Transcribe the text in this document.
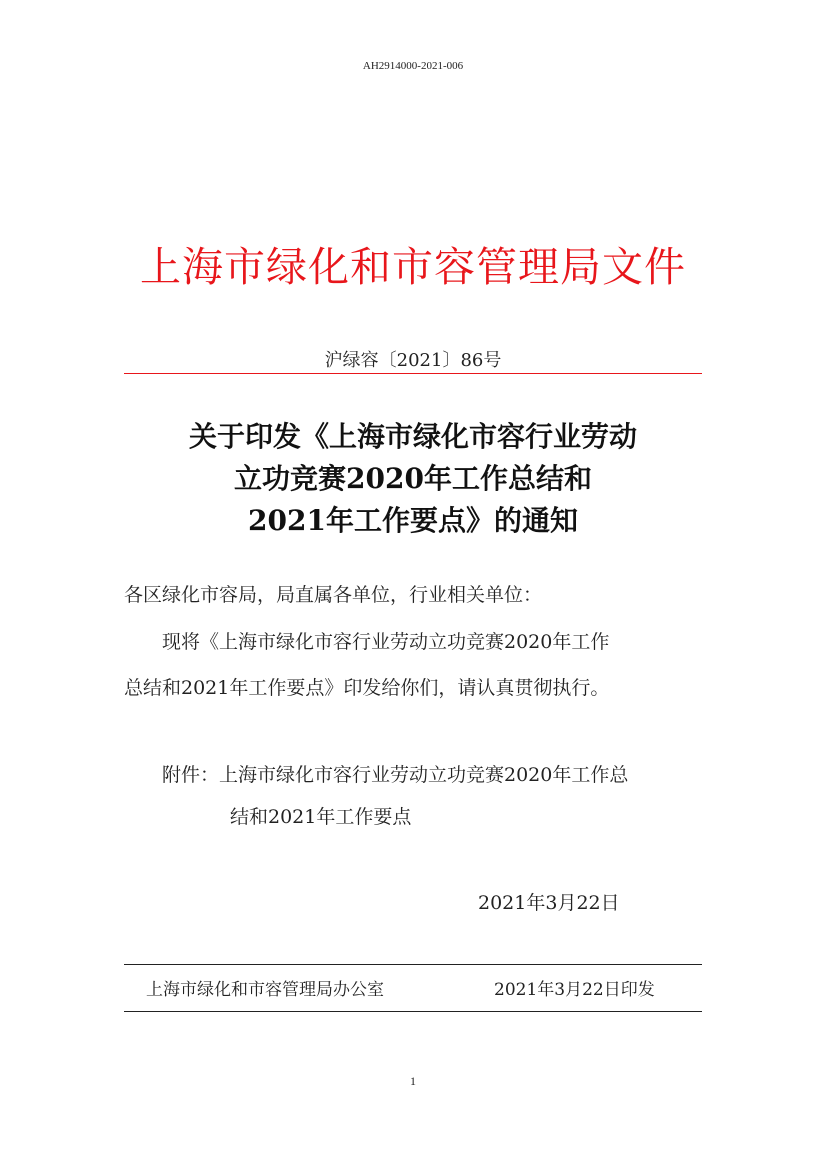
AH2914000-2021-006
上海市绿化和市容管理局文件
沪绿容〔2021〕86号
关于印发《上海市绿化市容行业劳动
立功竞赛2020年工作总结和
2021年工作要点》的通知
各区绿化市容局，局直属各单位，行业相关单位：
现将《上海市绿化市容行业劳动立功竞赛2020年工作
总结和2021年工作要点》印发给你们，请认真贯彻执行。
附件：上海市绿化市容行业劳动立功竞赛2020年工作总
结和2021年工作要点
2021年3月22日
上海市绿化和市容管理局办公室	2021年3月22日印发
1
